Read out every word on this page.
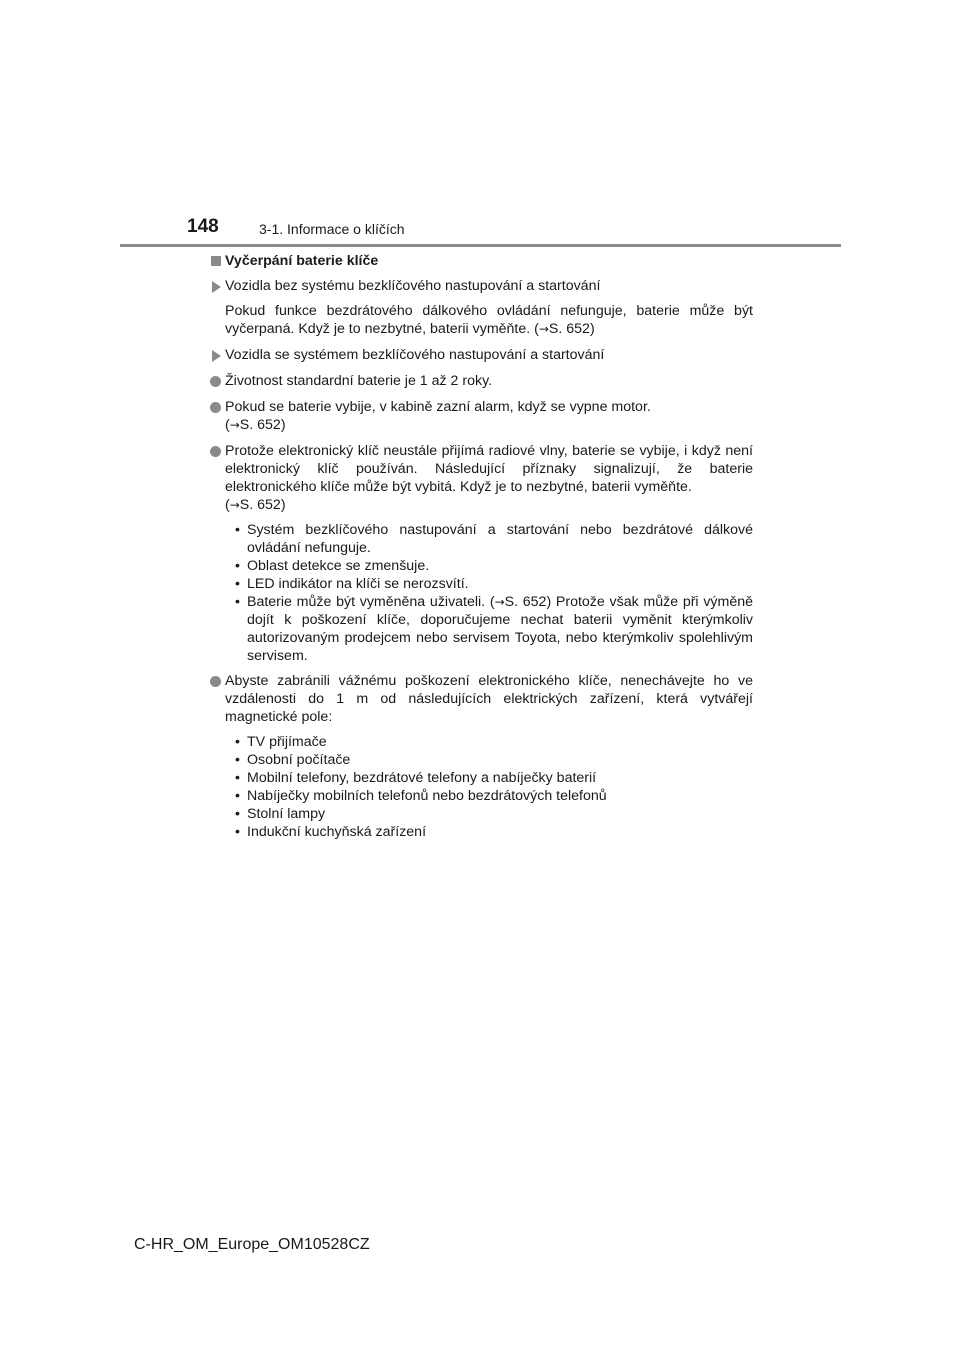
148	3-1. Informace o klíčích
Vyčerpání baterie klíče
Vozidla bez systému bezklíčového nastupování a startování
Pokud funkce bezdrátového dálkového ovládání nefunguje, baterie může být vyčerpaná. Když je to nezbytné, baterii vyměňte. (→S. 652)
Vozidla se systémem bezklíčového nastupování a startování
Životnost standardní baterie je 1 až 2 roky.
Pokud se baterie vybije, v kabině zazní alarm, když se vypne motor.
(→S. 652)
Protože elektronický klíč neustále přijímá radiové vlny, baterie se vybije, i když není elektronický klíč používán. Následující příznaky signalizují, že baterie elektronického klíče může být vybitá. Když je to nezbytné, baterii vyměňte.
(→S. 652)
• Systém bezklíčového nastupování a startování nebo bezdrátové dálkové ovládání nefunguje.
• Oblast detekce se zmenšuje.
• LED indikátor na klíči se nerozsvítí.
• Baterie může být vyměněna uživateli. (→S. 652) Protože však může při výměně dojít k poškození klíče, doporučujeme nechat baterii vyměnit kterýmkoliv autorizovaným prodejcem nebo servisem Toyota, nebo kterýmkoliv spolehlivým servisem.
Abyste zabránili vážnému poškození elektronického klíče, nenechávejte ho ve vzdálenosti do 1 m od následujících elektrických zařízení, která vytvářejí magnetické pole:
• TV přijímače
• Osobní počítače
• Mobilní telefony, bezdrátové telefony a nabíječky baterií
• Nabíječky mobilních telefonů nebo bezdrátových telefonů
• Stolní lampy
• Indukční kuchyňská zařízení
C-HR_OM_Europe_OM10528CZ
